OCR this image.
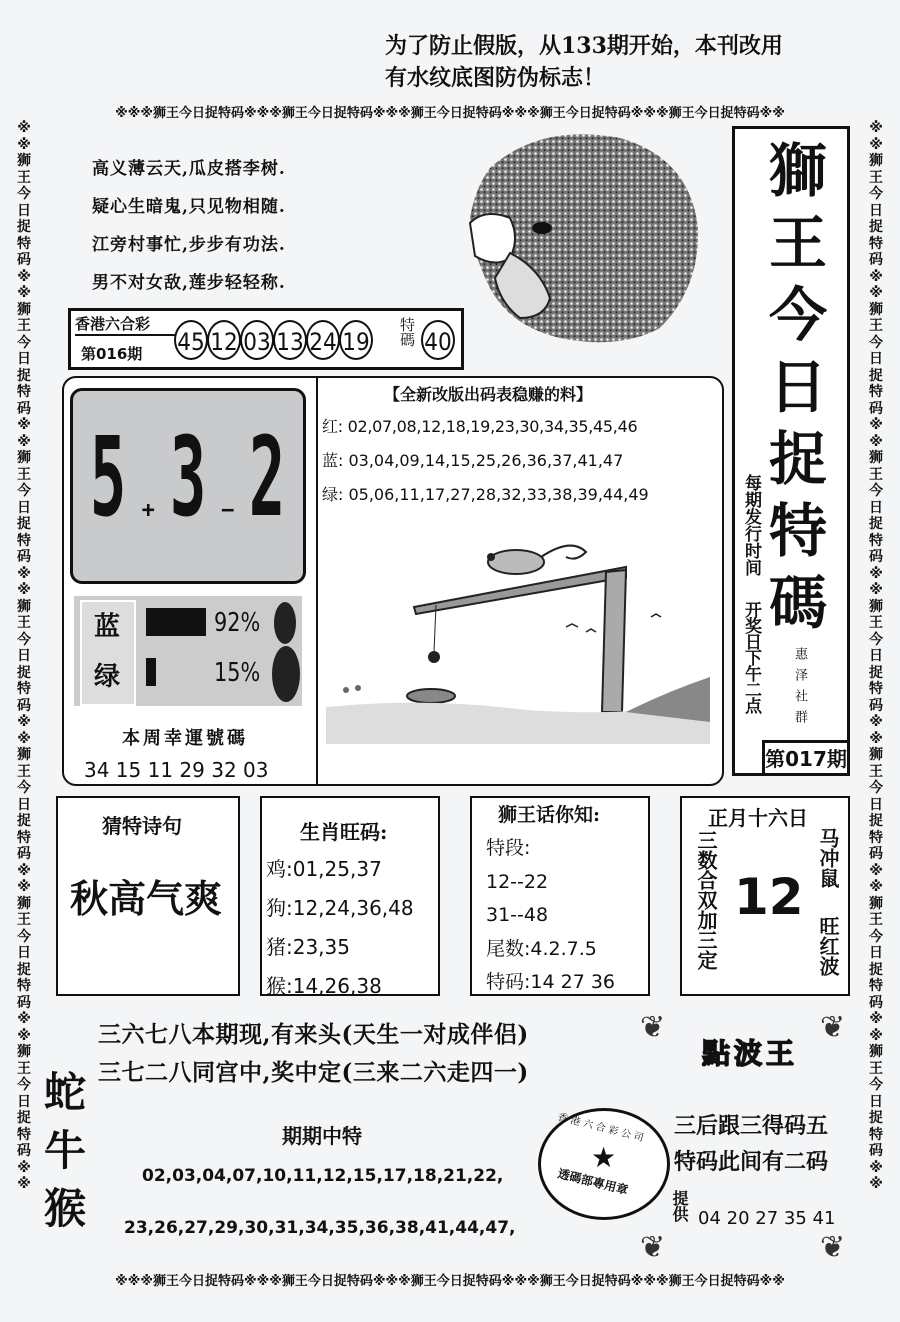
为了防止假版，从133期开始，本刊改用
有水纹底图防伪标志！
※※※狮王今日捉特码※※※狮王今日捉特码※※※狮王今日捉特码※※※狮王今日捉特码※※※狮王今日捉特码※※
※※※狮王今日捉特码※※※狮王今日捉特码※※※狮王今日捉特码※※※狮王今日捉特码※※※狮王今日捉特码※※
※※狮王今日捉特码※※狮王今日捉特码※※狮王今日捉特码※※狮王今日捉特码※※狮王今日捉特码※※狮王今日捉特码※※狮王今日捉特码※※
※※狮王今日捉特码※※狮王今日捉特码※※狮王今日捉特码※※狮王今日捉特码※※狮王今日捉特码※※狮王今日捉特码※※狮王今日捉特码※※
高义薄云天,瓜皮搭李树.
疑心生暗鬼,只见物相随.
江旁村事忙,步步有功法.
男不对女敌,莲步轻轻称.
香港六合彩
第016期 45 12 03 13 24 19 特碼 40
獅王今日捉特碼
每期发行时间
开奖日下午二点 惠泽社群
第017期
5 + 3 − 2
蓝
绿
92%
15%
本周幸運號碼
34 15 11 29 32 03
【全新改版出码表稳赚的料】
红: 02,07,08,12,18,19,23,30,34,35,45,46
蓝: 03,04,09,14,15,25,26,36,37,41,47
绿: 05,06,11,17,27,28,32,33,38,39,44,49
猜特诗句
秋高气爽
生肖旺码:
鸡:01,25,37
狗:12,24,36,48
猪:23,35
猴:14,26,38
狮王话你知:
特段:
12--22
31--48
尾数:4.2.7.5
特码:14 27 36
正月十六日
三数合双加三定 12
马冲鼠
旺红波
三六七八本期现,有来头(天生一对成伴侣)
三七二八同宫中,奖中定(三来二六走四一)
蛇牛猴
期期中特
02,03,04,07,10,11,12,15,17,18,21,22,
23,26,27,29,30,31,34,35,36,38,41,44,47,
香港六合彩公司
★
透碼部專用章
點波王
❦	❦
❦	❦
三后跟三得码五
特码此间有二码
提供 04 20 27 35 41
